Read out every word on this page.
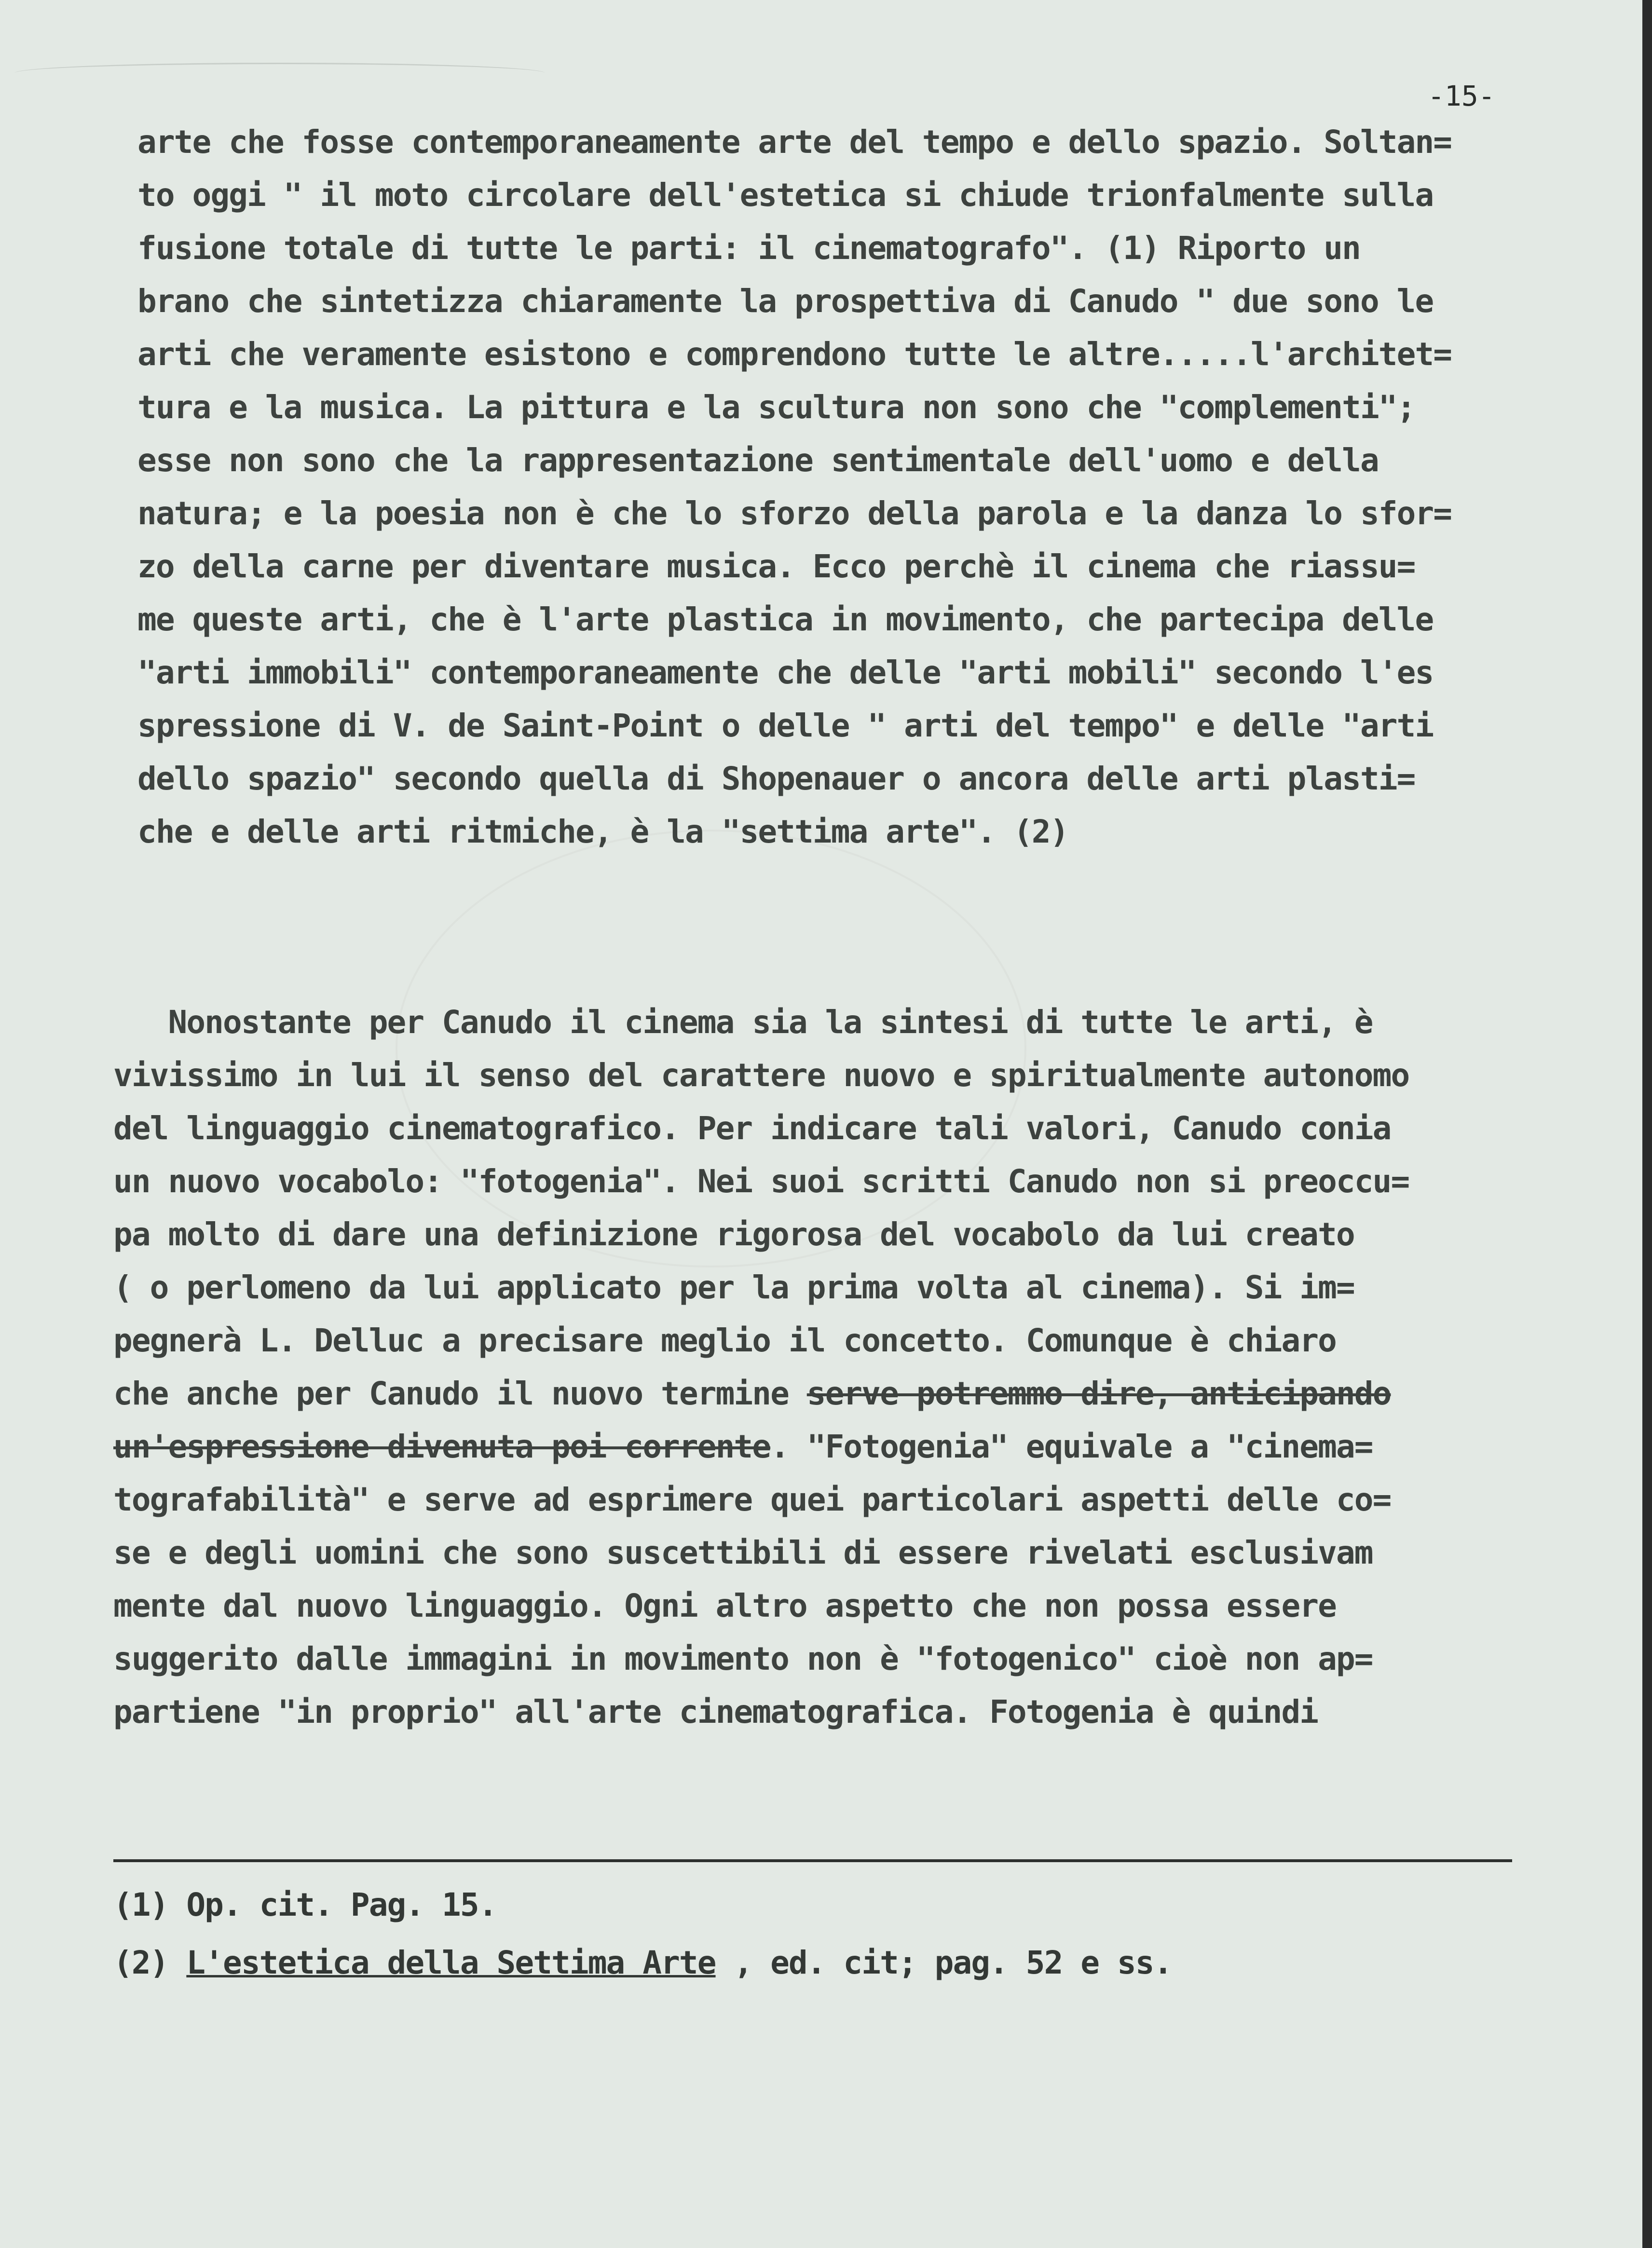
-15-
arte che fosse contemporaneamente arte del tempo e dello spazio. Soltan=
to oggi " il moto circolare dell'estetica si chiude trionfalmente sulla
fusione totale di tutte le parti: il cinematografo". (1) Riporto un
brano che sintetizza chiaramente la prospettiva di Canudo " due sono le
arti che veramente esistono e comprendono tutte le altre.....l'architet=
tura e la musica. La pittura e la scultura non sono che "complementi";
esse non sono che la rappresentazione sentimentale dell'uomo e della
natura; e la poesia non è che lo sforzo della parola e la danza lo sfor=
zo della carne per diventare musica. Ecco perchè il cinema che riassu=
me queste arti, che è l'arte plastica in movimento, che partecipa delle
"arti immobili" contemporaneamente che delle "arti mobili" secondo l'es
spressione di V. de Saint-Point o delle " arti del tempo" e delle "arti
dello spazio" secondo quella di Shopenauer o ancora delle arti plasti=
che e delle arti ritmiche, è la "settima arte". (2)
Nonostante per Canudo il cinema sia la sintesi di tutte le arti, è
vivissimo in lui il senso del carattere nuovo e spiritualmente autonomo
del linguaggio cinematografico. Per indicare tali valori, Canudo conia
un nuovo vocabolo: "fotogenia". Nei suoi scritti Canudo non si preoccu=
pa molto di dare una definizione rigorosa del vocabolo da lui creato
( o perlomeno da lui applicato per la prima volta al cinema). Si im=
pegnerà L. Delluc a precisare meglio il concetto. Comunque è chiaro
che anche per Canudo il nuovo termine serve potremmo dire, anticipando
un'espressione divenuta poi corrente. "Fotogenia" equivale a "cinema=
tografabilità" e serve ad esprimere quei particolari aspetti delle co=
se e degli uomini che sono suscettibili di essere rivelati esclusivam
mente dal nuovo linguaggio. Ogni altro aspetto che non possa essere
suggerito dalle immagini in movimento non è "fotogenico" cioè non ap=
partiene "in proprio" all'arte cinematografica. Fotogenia è quindi
(1) Op. cit. Pag. 15.
(2) L'estetica della Settima Arte , ed. cit; pag. 52 e ss.
